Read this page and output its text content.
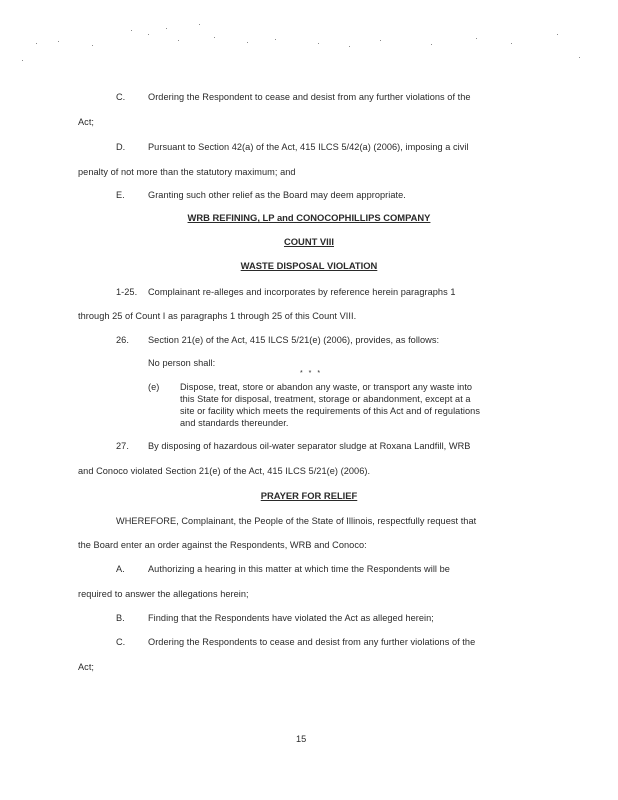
C. Ordering the Respondent to cease and desist from any further violations of the
Act;
D. Pursuant to Section 42(a) of the Act, 415 ILCS 5/42(a) (2006), imposing a civil
penalty of not more than the statutory maximum; and
E.	Granting such other relief as the Board may deem appropriate.
WRB REFINING, LP and CONOCOPHILLIPS COMPANY
COUNT VIII
WASTE DISPOSAL VIOLATION
1-25. Complainant re-alleges and incorporates by reference herein paragraphs 1
through 25 of Count I as paragraphs 1 through 25 of this Count VIII.
26. Section 21(e) of the Act, 415 ILCS 5/21(e) (2006), provides, as follows:
No person shall:
* * *
(e) Dispose, treat, store or abandon any waste, or transport any waste into
this State for disposal, treatment, storage or abandonment, except at a
site or facility which meets the requirements of this Act and of regulations
and standards thereunder.
27. By disposing of hazardous oil-water separator sludge at Roxana Landfill, WRB
and Conoco violated Section 21(e) of the Act, 415 ILCS 5/21(e) (2006).
PRAYER FOR RELIEF
WHEREFORE, Complainant, the People of the State of Illinois, respectfully request that
the Board enter an order against the Respondents, WRB and Conoco:
A.	Authorizing a hearing in this matter at which time the Respondents will be
required to answer the allegations herein;
B.	Finding that the Respondents have violated the Act as alleged herein;
C. Ordering the Respondents to cease and desist from any further violations of the
Act;
15
